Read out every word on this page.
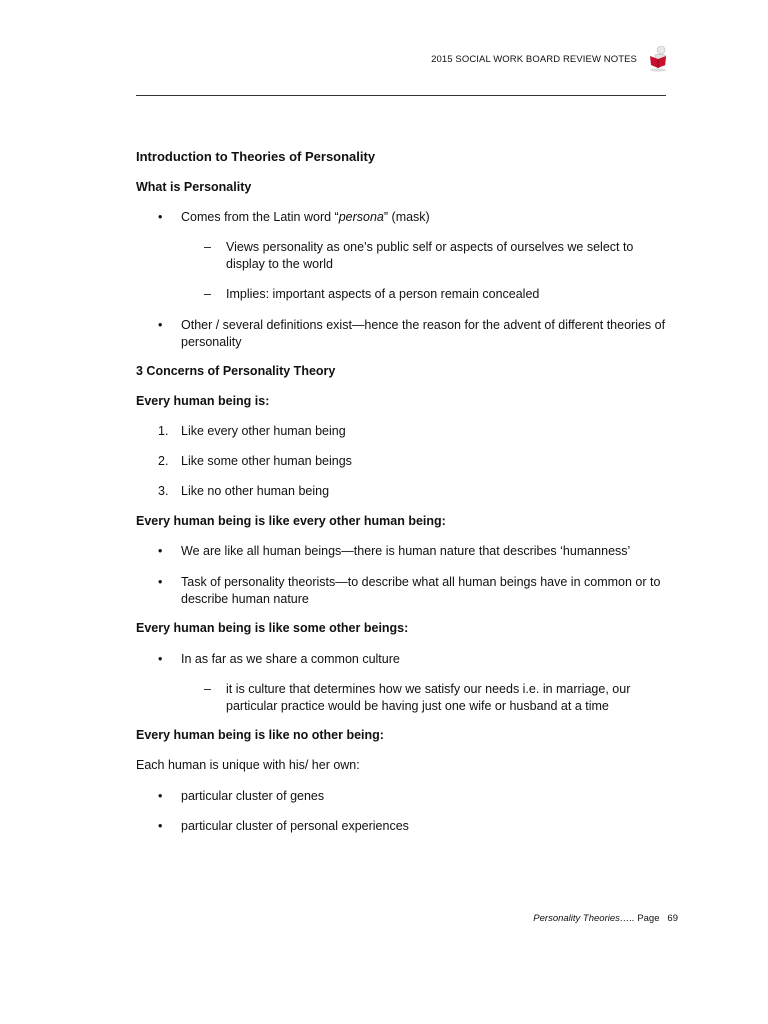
2015 SOCIAL WORK BOARD REVIEW NOTES
Introduction to Theories of Personality
What is Personality
•	Comes from the Latin word “persona” (mask)
– Views personality as one’s public self or aspects of ourselves we select to
display to the world
– Implies: important aspects of a person remain concealed
•	Other / several definitions exist—hence the reason for the advent of different theories of
personality
3 Concerns of Personality Theory
Every human being is:
1.	Like every other human being
2.	Like some other human beings
3.	Like no other human being
Every human being is like every other human being:
•	We are like all human beings—there is human nature that describes ‘humanness’
•	Task of personality theorists—to describe what all human beings have in common or to
describe human nature
Every human being is like some other beings:
•	In as far as we share a common culture
– it is culture that determines how we satisfy our needs i.e. in marriage, our
particular practice would be having just one wife or husband at a time
Every human being is like no other being:
Each human is unique with his/ her own:
•	particular cluster of genes
•	particular cluster of personal experiences
Personality Theories….. Page 69
